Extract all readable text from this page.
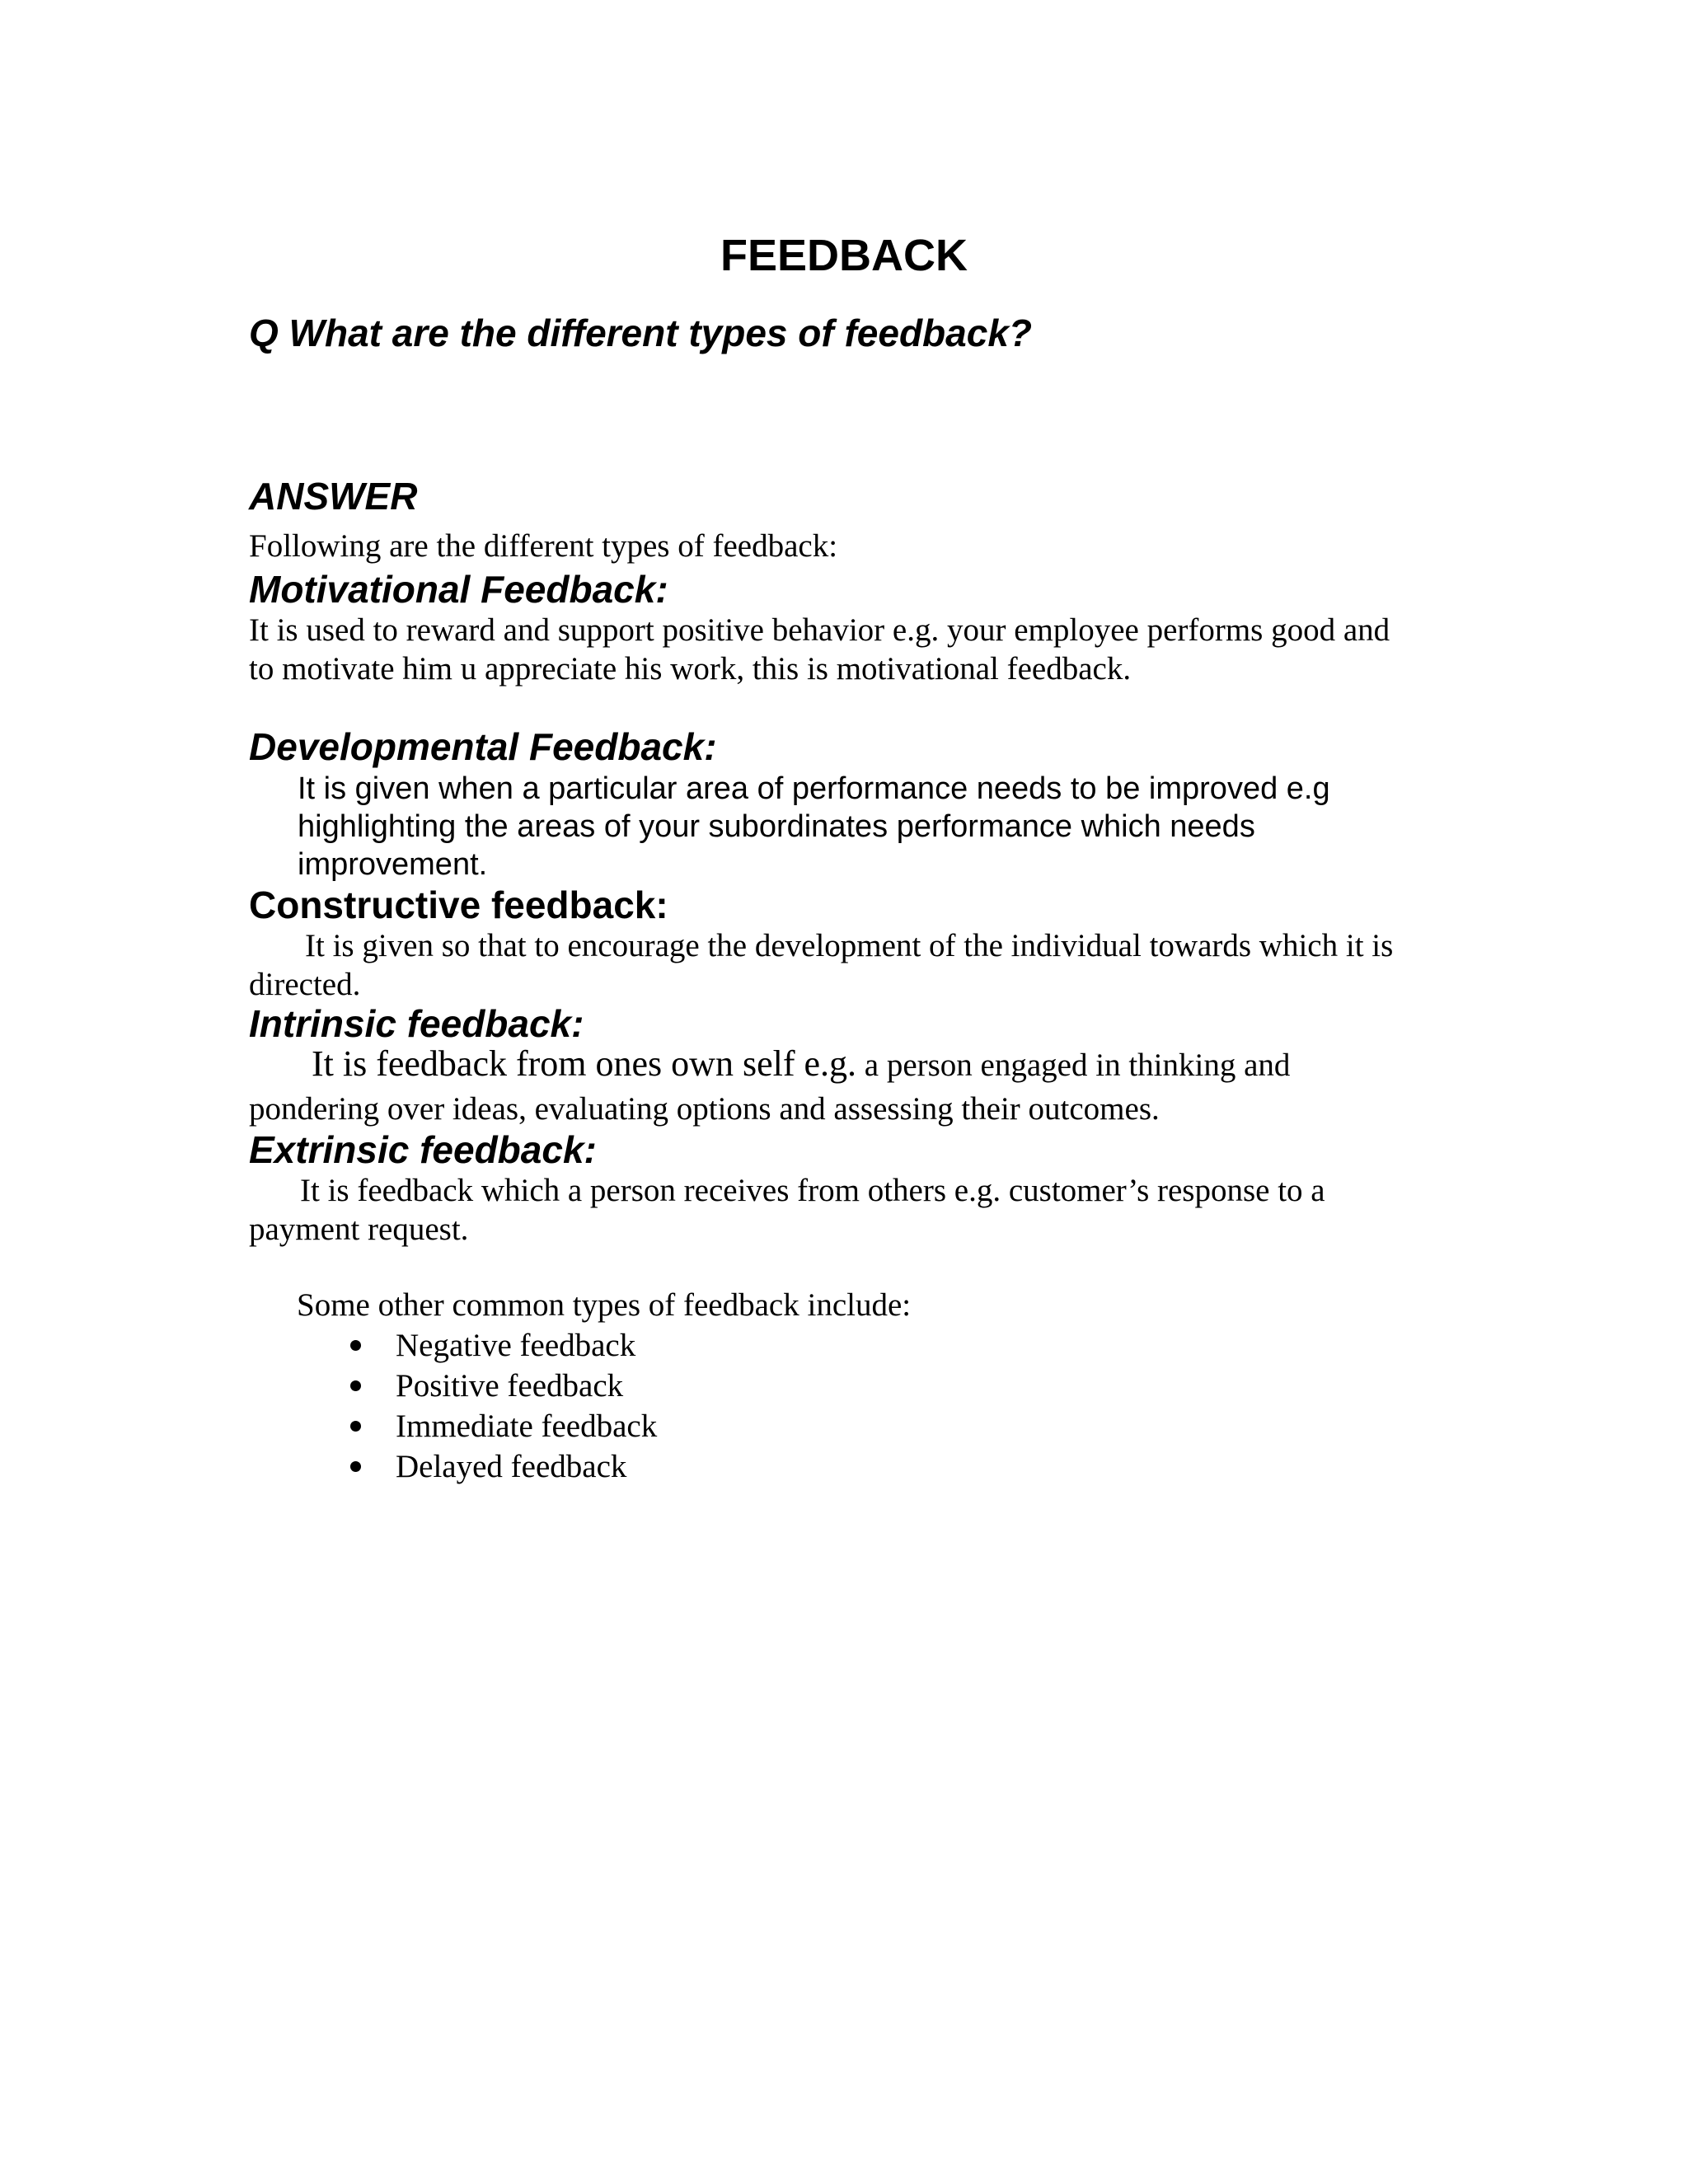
FEEDBACK
Q What are the different types of feedback?
ANSWER
Following are the different types of feedback:
Motivational Feedback:
It is used to reward and support positive behavior e.g. your employee performs good and
to motivate him u appreciate his work, this is motivational feedback.
Developmental Feedback:
It is given when a particular area of performance needs to be improved e.g
highlighting the areas of your subordinates performance which needs
improvement.
Constructive feedback:
It is given so that to encourage the development of the individual towards which it is
directed.
Intrinsic feedback:
It is feedback from ones own self e.g. a person engaged in thinking and
pondering over ideas, evaluating options and assessing their outcomes.
Extrinsic feedback:
It is feedback which a person receives from others e.g. customer’s response to a
payment request.
Some other common types of feedback include:
Negative feedback
Positive feedback
Immediate feedback
Delayed feedback
